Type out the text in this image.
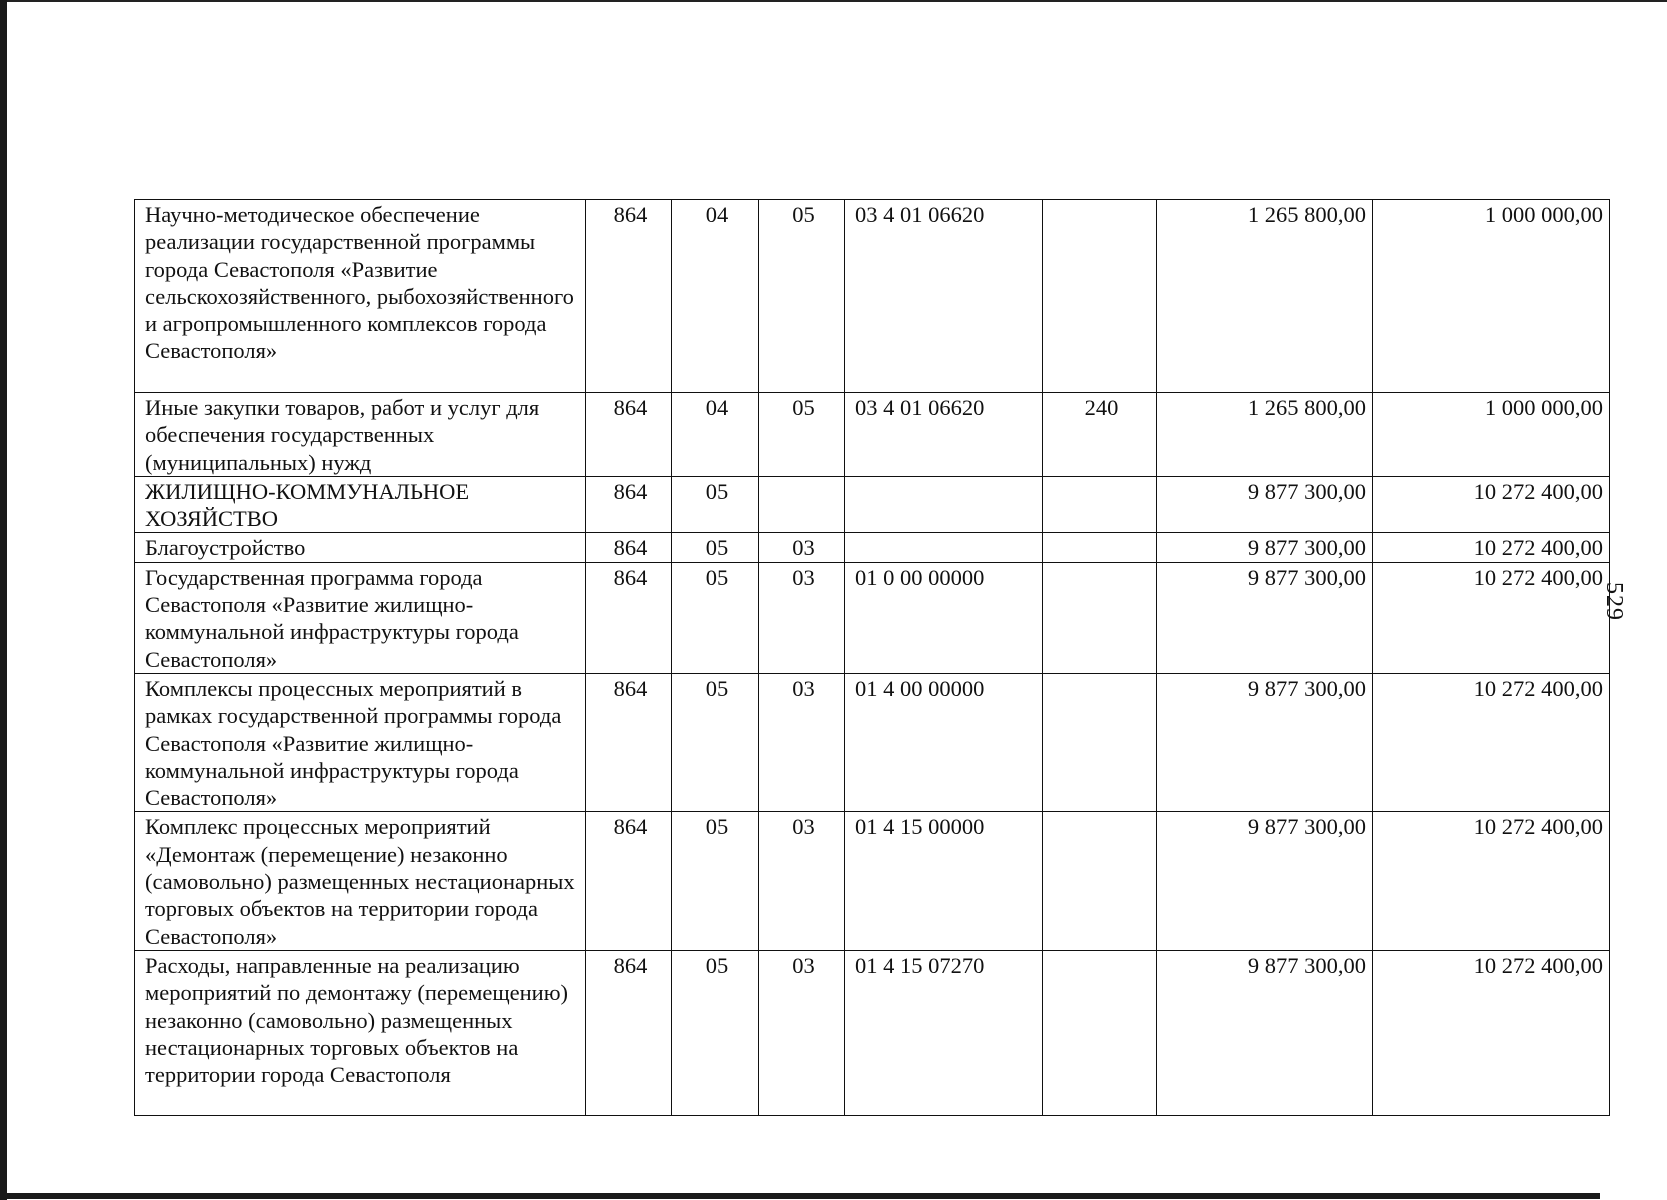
Научно-методическое обеспечение реализации государственной программы города Севастополя «Развитие сельскохозяйственного, рыбохозяйственного и агропромышленного комплексов города Севастополя»	864	04	05	03 4 01 06620		1 265 800,00	1 000 000,00
Иные закупки товаров, работ и услуг для обеспечения государственных (муниципальных) нужд	864	04	05	03 4 01 06620	240	1 265 800,00	1 000 000,00
ЖИЛИЩНО-КОММУНАЛЬНОЕ ХОЗЯЙСТВО	864	05				9 877 300,00	10 272 400,00
Благоустройство	864	05	03			9 877 300,00	10 272 400,00
Государственная программа города Севастополя «Развитие жилищно-коммунальной инфраструктуры города Севастополя»	864	05	03	01 0 00 00000		9 877 300,00	10 272 400,00
Комплексы процессных мероприятий в рамках государственной программы города Севастополя «Развитие жилищно-коммунальной инфраструктуры города Севастополя»	864	05	03	01 4 00 00000		9 877 300,00	10 272 400,00
Комплекс процессных мероприятий «Демонтаж (перемещение) незаконно (самовольно) размещенных нестационарных торговых объектов на территории города Севастополя»	864	05	03	01 4 15 00000		9 877 300,00	10 272 400,00
Расходы, направленные на реализацию мероприятий по демонтажу (перемещению) незаконно (самовольно) размещенных нестационарных торговых объектов на территории города Севастополя	864	05	03	01 4 15 07270		9 877 300,00	10 272 400,00
529
